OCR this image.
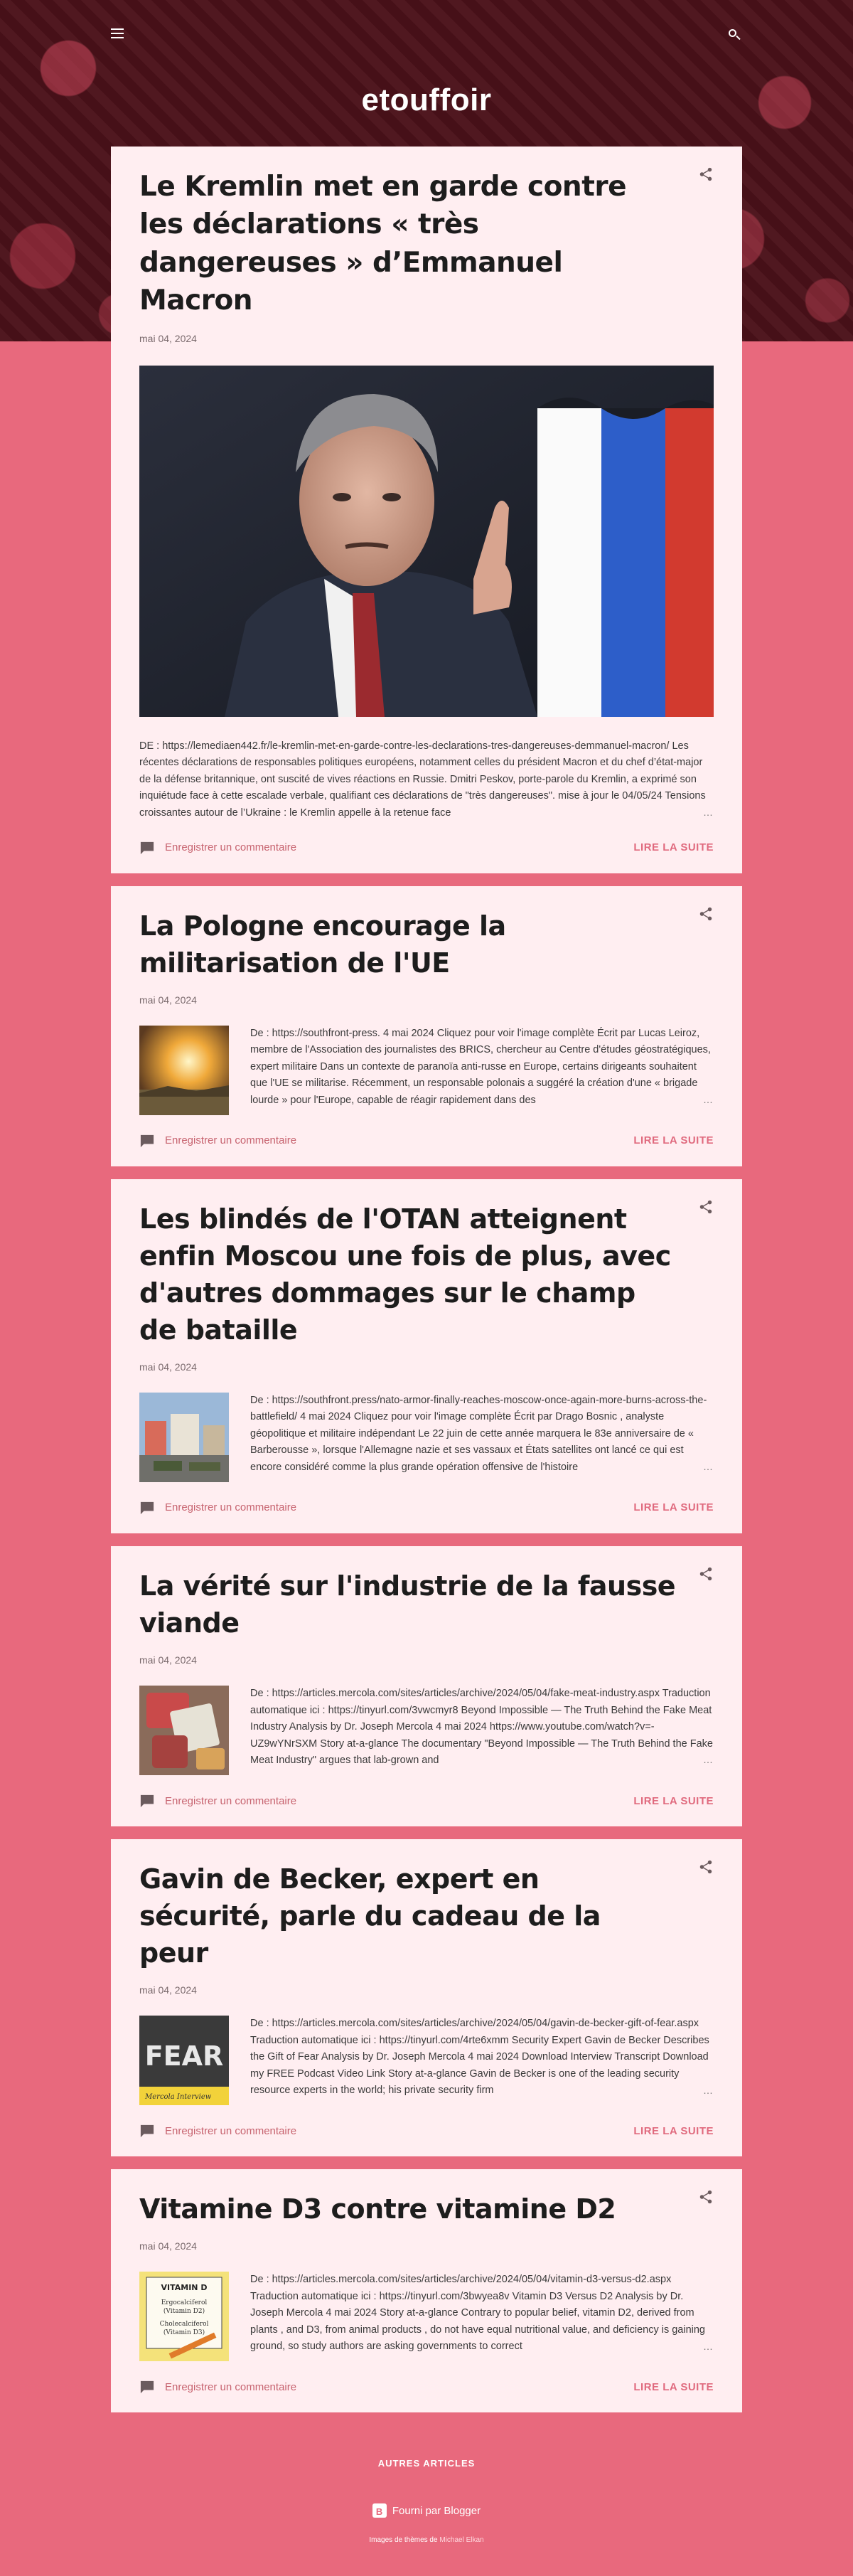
etouffoir
Le Kremlin met en garde contre les déclarations « très dangereuses » d’Emmanuel Macron
mai 04, 2024
DE : https://lemediaen442.fr/le-kremlin-met-en-garde-contre-les-declarations-tres-dangereuses-demmanuel-macron/ Les récentes déclarations de responsables politiques européens, notamment celles du président Macron et du chef d’état-major de la défense britannique, ont suscité de vives réactions en Russie. Dmitri Peskov, porte-parole du Kremlin, a exprimé son inquiétude face à cette escalade verbale, qualifiant ces déclarations de "très dangereuses". mise à jour le 04/05/24 Tensions croissantes autour de l’Ukraine : le Kremlin appelle à la retenue face	…
Enregistrer un commentaire	LIRE LA SUITE
La Pologne encourage la militarisation de l'UE
mai 04, 2024
De : https://southfront-press. 4 mai 2024 Cliquez pour voir l'image complète Écrit par Lucas Leiroz, membre de l'Association des journalistes des BRICS, chercheur au Centre d'études géostratégiques, expert militaire Dans un contexte de paranoïa anti-russe en Europe, certains dirigeants souhaitent que l'UE se militarise. Récemment, un responsable polonais a suggéré la création d'une « brigade lourde » pour l'Europe, capable de réagir rapidement dans des	…
Enregistrer un commentaire	LIRE LA SUITE
Les blindés de l'OTAN atteignent enfin Moscou une fois de plus, avec d'autres dommages sur le champ de bataille
mai 04, 2024
De : https://southfront.press/nato-armor-finally-reaches-moscow-once-again-more-burns-across-the-battlefield/ 4 mai 2024 Cliquez pour voir l'image complète Écrit par Drago Bosnic , analyste géopolitique et militaire indépendant Le 22 juin de cette année marquera le 83e anniversaire de « Barberousse », lorsque l'Allemagne nazie et ses vassaux et États satellites ont lancé ce qui est encore considéré comme la plus grande opération offensive de l'histoire	…
Enregistrer un commentaire	LIRE LA SUITE
La vérité sur l'industrie de la fausse viande
mai 04, 2024
De : https://articles.mercola.com/sites/articles/archive/2024/05/04/fake-meat-industry.aspx Traduction automatique ici : https://tinyurl.com/3vwcmyr8 Beyond Impossible — The Truth Behind the Fake Meat Industry Analysis by Dr. Joseph Mercola 4 mai 2024 https://www.youtube.com/watch?v=-UZ9wYNrSXM Story at-a-glance The documentary "Beyond Impossible — The Truth Behind the Fake Meat Industry" argues that lab-grown and	…
Enregistrer un commentaire	LIRE LA SUITE
Gavin de Becker, expert en sécurité, parle du cadeau de la peur
mai 04, 2024
FEAR
Mercola Interview
De : https://articles.mercola.com/sites/articles/archive/2024/05/04/gavin-de-becker-gift-of-fear.aspx Traduction automatique ici : https://tinyurl.com/4rte6xmm Security Expert Gavin de Becker Describes the Gift of Fear Analysis by Dr. Joseph Mercola 4 mai 2024 Download Interview Transcript Download my FREE Podcast Video Link Story at-a-glance Gavin de Becker is one of the leading security resource experts in the world; his private security firm	…
Enregistrer un commentaire	LIRE LA SUITE
Vitamine D3 contre vitamine D2
mai 04, 2024
VITAMIN D
Ergocalciferol
(Vitamin D2)
Cholecalciferol
(Vitamin D3)
De : https://articles.mercola.com/sites/articles/archive/2024/05/04/vitamin-d3-versus-d2.aspx Traduction automatique ici : https://tinyurl.com/3bwyea8v Vitamin D3 Versus D2 Analysis by Dr. Joseph Mercola 4 mai 2024 Story at-a-glance Contrary to popular belief, vitamin D2, derived from plants , and D3, from animal products , do not have equal nutritional value, and deficiency is gaining ground, so study authors are asking governments to correct	…
Enregistrer un commentaire	LIRE LA SUITE
AUTRES ARTICLES
B Fourni par Blogger
Images de thèmes de Michael Elkan
